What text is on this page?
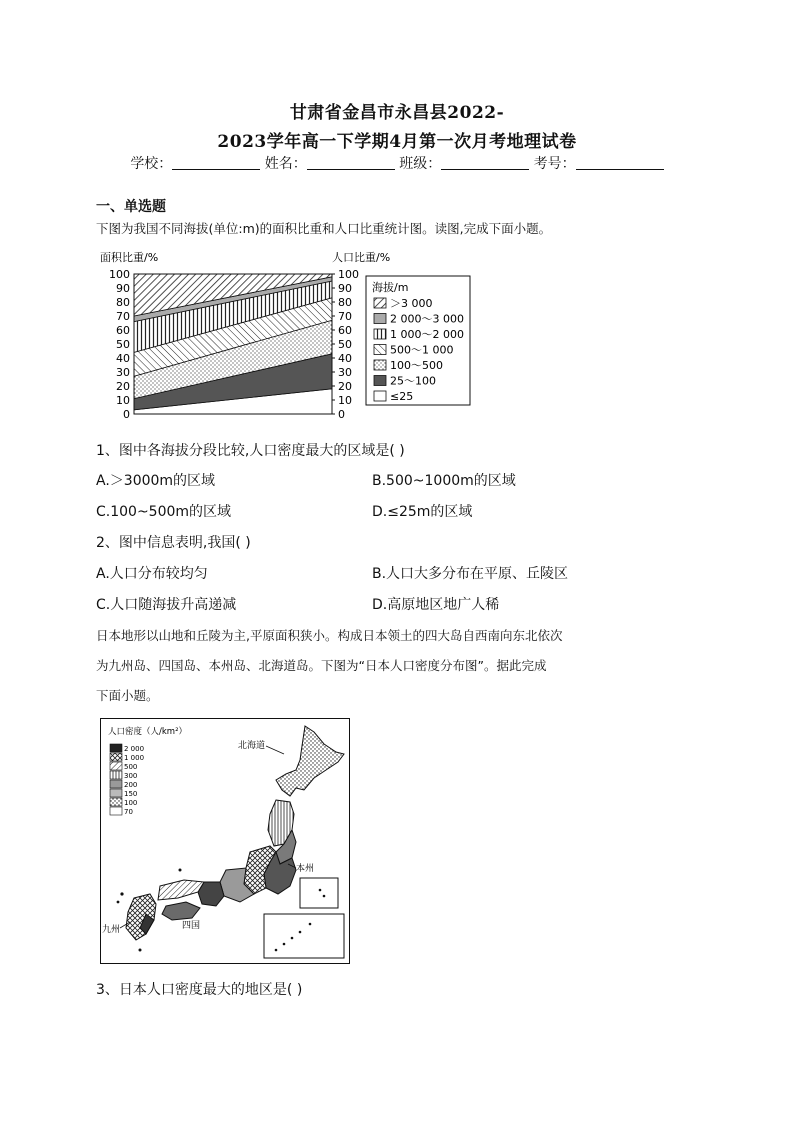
甘肃省金昌市永昌县2022-
2023学年高一下学期4月第一次月考地理试卷
学校：	姓名：	班级：	考号：
一、单选题
下图为我国不同海拔(单位:m)的面积比重和人口比重统计图。读图,完成下面小题。
面积比重/%	人口比重/%
0
10
20
30
40
50
60
70
80
90
100
0
10
20
30
40
50
60
70
80
90
100
海拔/m
＞3 000
2 000～3 000
1 000～2 000
500～1 000
100～500
25～100
≤25
1、图中各海拔分段比较,人口密度最大的区域是( )
A.＞3000m的区域	B.500~1000m的区域
C.100~500m的区域	D.≤25m的区域
2、图中信息表明,我国( )
A.人口分布较均匀	B.人口大多分布在平原、丘陵区
C.人口随海拔升高递减	D.高原地区地广人稀
日本地形以山地和丘陵为主,平原面积狭小。构成日本领土的四大岛自西南向东北依次
为九州岛、四国岛、本州岛、北海道岛。下图为“日本人口密度分布图”。据此完成
下面小题。
人口密度（人/km²）
2 000
1 000
500
300
200
150
100
70
北海道
本州
九州	四国
3、日本人口密度最大的地区是( )
